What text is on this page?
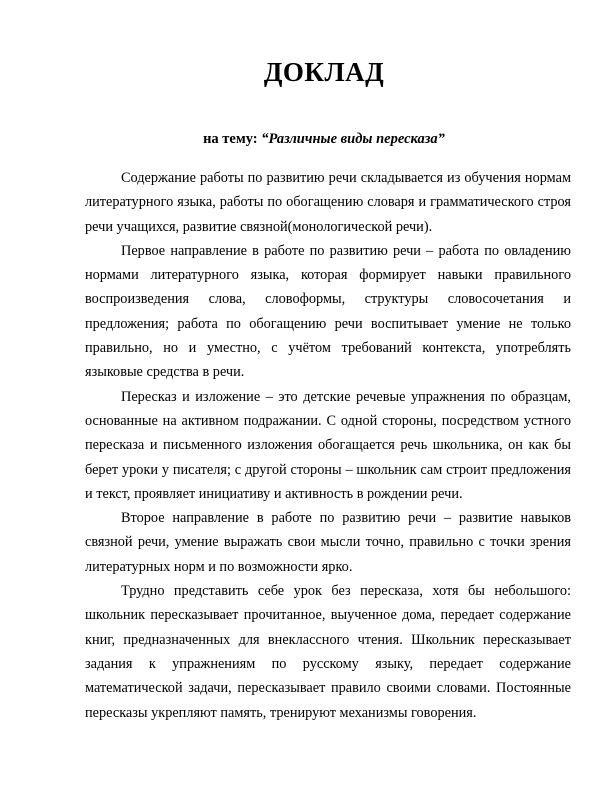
ДОКЛАД
на тему: “Различные виды пересказа”

Содержание работы по развитию речи складывается из обучения нормам литературного языка, работы по обогащению словаря и грамматического строя речи учащихся, развитие связной(монологической речи).

Первое направление в работе по развитию речи – работа по овладению нормами литературного языка, которая формирует навыки правильного воспроизведения слова, словоформы, структуры словосочетания и предложения; работа по обогащению речи воспитывает умение не только правильно, но и уместно, с учётом требований контекста, употреблять языковые средства в речи.

Пересказ и изложение – это детские речевые упражнения по образцам, основанные на активном подражании. С одной стороны, посредством устного пересказа и письменного изложения обогащается речь школьника, он как бы берет уроки у писателя; с другой стороны – школьник сам строит предложения и текст, проявляет инициативу и активность в рождении речи.

Второе направление в работе по развитию речи – развитие навыков связной речи, умение выражать свои мысли точно, правильно с точки зрения литературных норм и по возможности ярко.

Трудно представить себе урок без пересказа, хотя бы небольшого: школьник пересказывает прочитанное, выученное дома, передает содержание книг, предназначенных для внеклассного чтения. Школьник пересказывает задания к упражнениям по русскому языку, передает содержание математической задачи, пересказывает правило своими словами. Постоянные пересказы укрепляют память, тренируют механизмы говорения.
